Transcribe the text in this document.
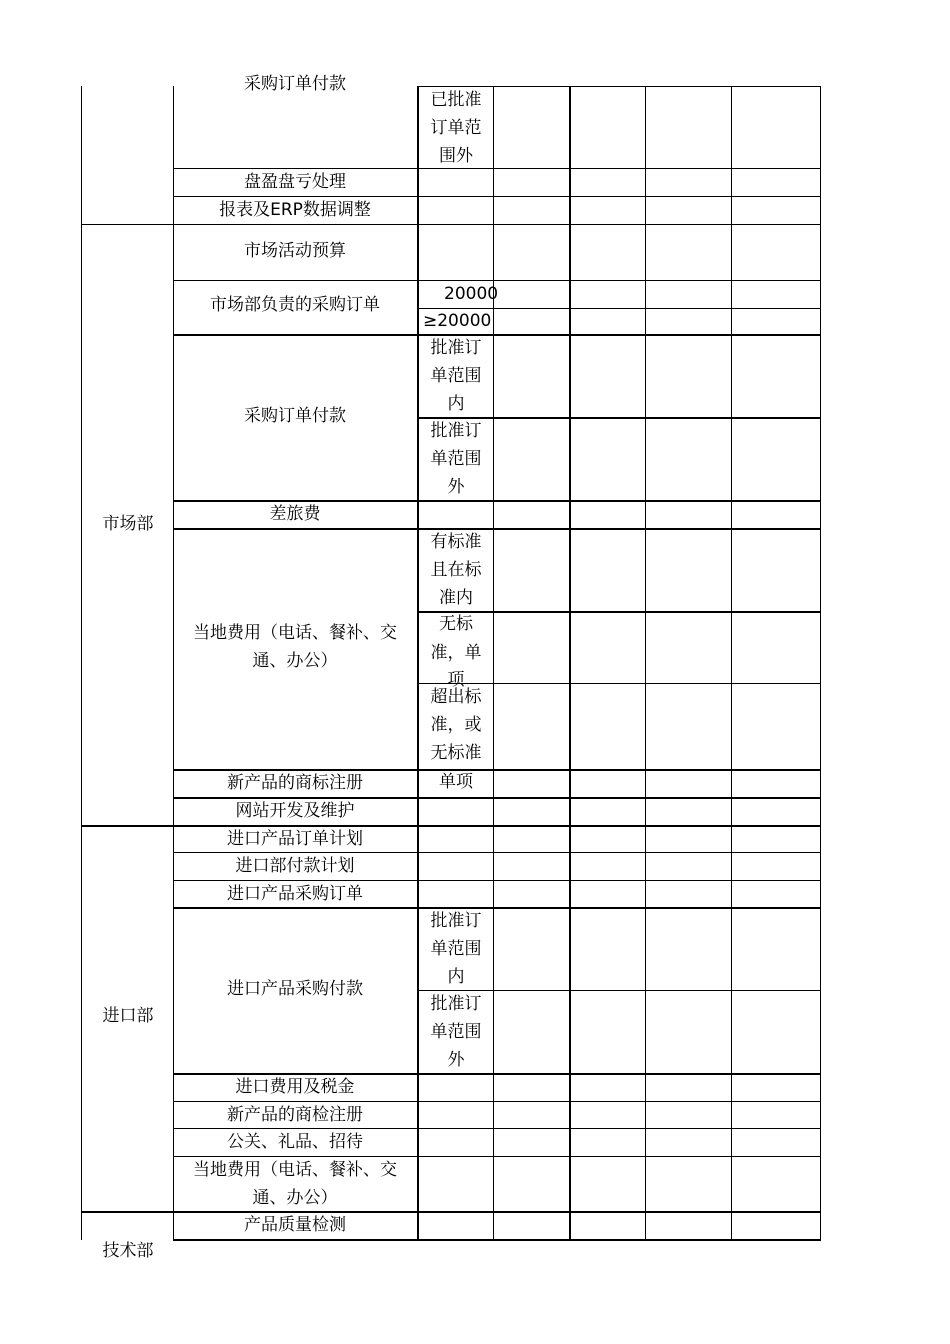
采购订单付款
已批准
订单范
围外
盘盈盘亏处理
报表及ERP数据调整
市场部
市场活动预算
市场部负责的采购订单
20000
≥20000
采购订单付款
批准订
单范围
内
批准订
单范围
外
差旅费
当地费用（电话、餐补、交
通、办公）
有标准
且在标
准内
无标
准，单
项
超出标
准，或
无标准
新产品的商标注册	单项
网站开发及维护
进口部
进口产品订单计划
进口部付款计划
进口产品采购订单
进口产品采购付款
批准订
单范围
内
批准订
单范围
外
进口费用及税金
新产品的商检注册
公关、礼品、招待
当地费用（电话、餐补、交
通、办公）
产品质量检测
技术部
